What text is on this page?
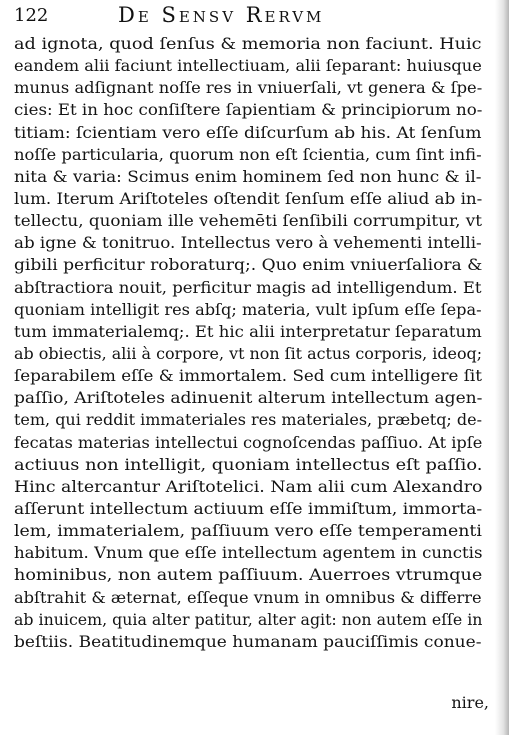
122	De Sensv Rervm
ad ignota, quod ſenſus & memoria non faciunt. Huic
eandem alii faciunt intellectiuam, alii ſeparant: huiusque
munus adſignant noſſe res in vniuerſali, vt genera & ſpe-
cies: Et in hoc conſiſtere ſapientiam & principiorum no-
titiam: ſcientiam vero eſſe diſcurſum ab his. At ſenſum
noſſe particularia, quorum non eſt ſcientia, cum ſint infi-
nita & varia: Scimus enim hominem ſed non hunc & il-
lum. Iterum Ariſtoteles oſtendit ſenſum eſſe aliud ab in-
tellectu, quoniam ille vehemēti ſenſibili corrumpitur, vt
ab igne & tonitruo. Intellectus vero à vehementi intelli-
gibili perficitur roboraturq;. Quo enim vniuerſaliora &
abſtractiora nouit, perficitur magis ad intelligendum. Et
quoniam intelligit res abſq; materia, vult ipſum eſſe ſepa-
tum immaterialemq;. Et hic alii interpretatur ſeparatum
ab obiectis, alii à corpore, vt non ſit actus corporis, ideoq;
ſeparabilem eſſe & immortalem. Sed cum intelligere ſit
paſſio, Ariſtoteles adinuenit alterum intellectum agen-
tem, qui reddit immateriales res materiales, præbetq; de-
fecatas materias intellectui cognoſcendas paſſiuo. At ipſe
actiuus non intelligit, quoniam intellectus eſt paſſio.
Hinc altercantur Ariſtotelici. Nam alii cum Alexandro
aſſerunt intellectum actiuum eſſe immiſtum, immorta-
lem, immaterialem, paſſiuum vero eſſe temperamenti
habitum. Vnum que eſſe intellectum agentem in cunctis
hominibus, non autem paſſiuum. Auerroes vtrumque
abſtrahit & æternat, eſſeque vnum in omnibus & differre
ab inuicem, quia alter patitur, alter agit: non autem eſſe in
beſtiis. Beatitudinemque humanam pauciſſimis conue-
nire,
